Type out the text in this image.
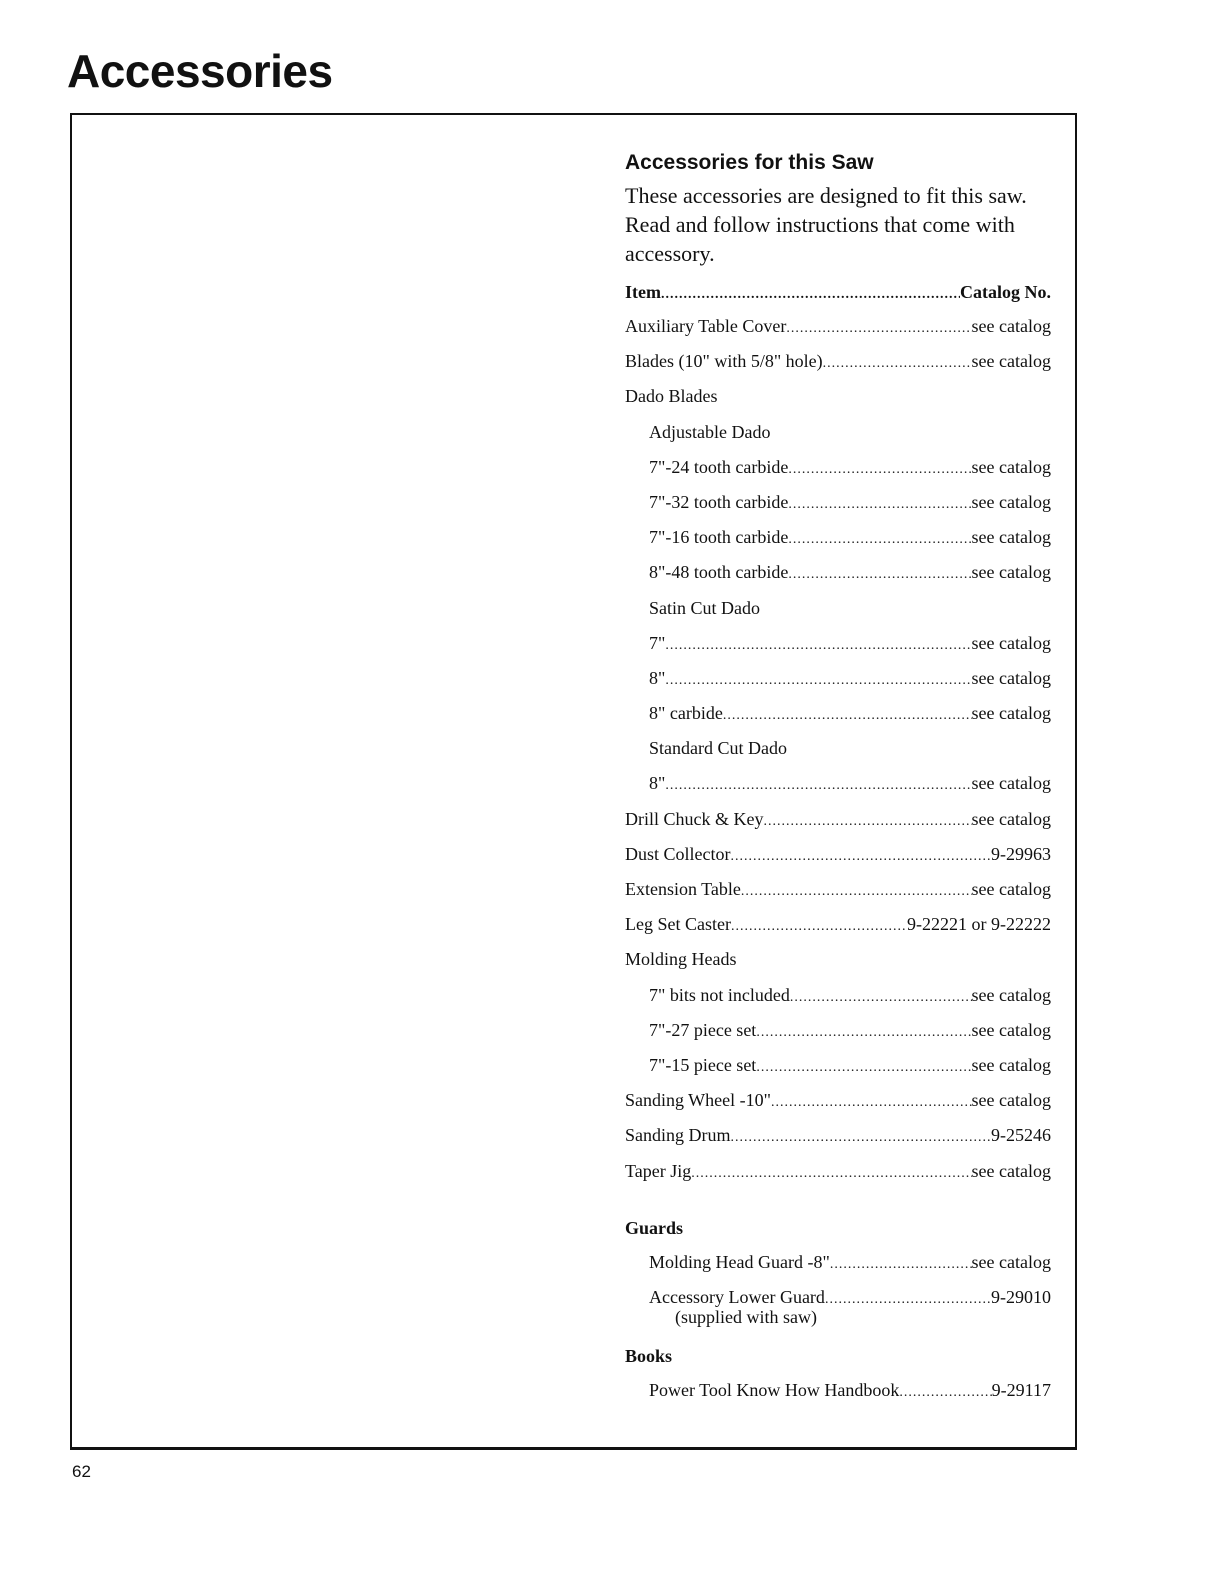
Accessories
Accessories for this Saw

These accessories are designed to fit this saw. Read and follow instructions that come with accessory.

Item .....	Catalog No.
Auxiliary Table Cover .....	see catalog
Blades (10" with 5/8" hole) .....	see catalog
Dado Blades
Adjustable Dado
7"-24 tooth carbide .....	see catalog
7"-32 tooth carbide .....	see catalog
7"-16 tooth carbide .....	see catalog
8"-48 tooth carbide .....	see catalog
Satin Cut Dado
7" .....	see catalog
8" .....	see catalog
8" carbide .....	see catalog
Standard Cut Dado
8" .....	see catalog
Drill Chuck & Key .....	see catalog
Dust Collector .....	9-29963
Extension Table .....	see catalog
Leg Set Caster .....	9-22221 or 9-22222
Molding Heads
7" bits not included .....	see catalog
7"-27 piece set .....	see catalog
7"-15 piece set .....	see catalog
Sanding Wheel -10" .....	see catalog
Sanding Drum .....	9-25246
Taper Jig .....	see catalog
Guards
Molding Head Guard -8" .....	see catalog
Accessory Lower Guard .....	9-29010
(supplied with saw)
Books
Power Tool Know How Handbook .....	9-29117
62
